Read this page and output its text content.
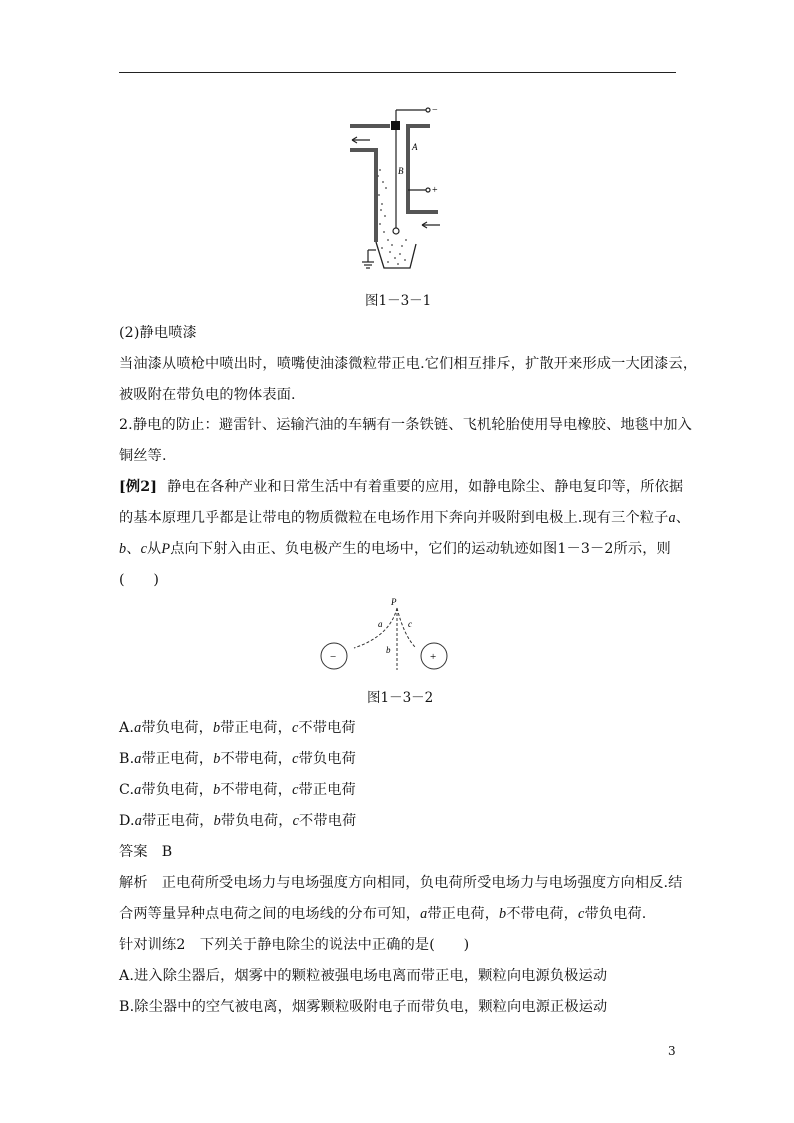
A
B
−
+
图1－3－1
(2)静电喷漆
当油漆从喷枪中喷出时，喷嘴使油漆微粒带正电.它们相互排斥，扩散开来形成一大团漆云，
被吸附在带负电的物体表面.
2.静电的防止：避雷针、运输汽油的车辆有一条铁链、飞机轮胎使用导电橡胶、地毯中加入
铜丝等.
[例2] 静电在各种产业和日常生活中有着重要的应用，如静电除尘、静电复印等，所依据
的基本原理几乎都是让带电的物质微粒在电场作用下奔向并吸附到电极上.现有三个粒子a、
b、c从P点向下射入由正、负电极产生的电场中，它们的运动轨迹如图1－3－2所示，则
(　　)
P
a
b
c
−	+
图1－3－2
A.a带负电荷，b带正电荷，c不带电荷
B.a带正电荷，b不带电荷，c带负电荷
C.a带负电荷，b不带电荷，c带正电荷
D.a带正电荷，b带负电荷，c不带电荷
答案 B
解析 正电荷所受电场力与电场强度方向相同，负电荷所受电场力与电场强度方向相反.结
合两等量异种点电荷之间的电场线的分布可知，a带正电荷，b不带电荷，c带负电荷.
针对训练2　下列关于静电除尘的说法中正确的是(　　)
A.进入除尘器后，烟雾中的颗粒被强电场电离而带正电，颗粒向电源负极运动
B.除尘器中的空气被电离，烟雾颗粒吸附电子而带负电，颗粒向电源正极运动
3
